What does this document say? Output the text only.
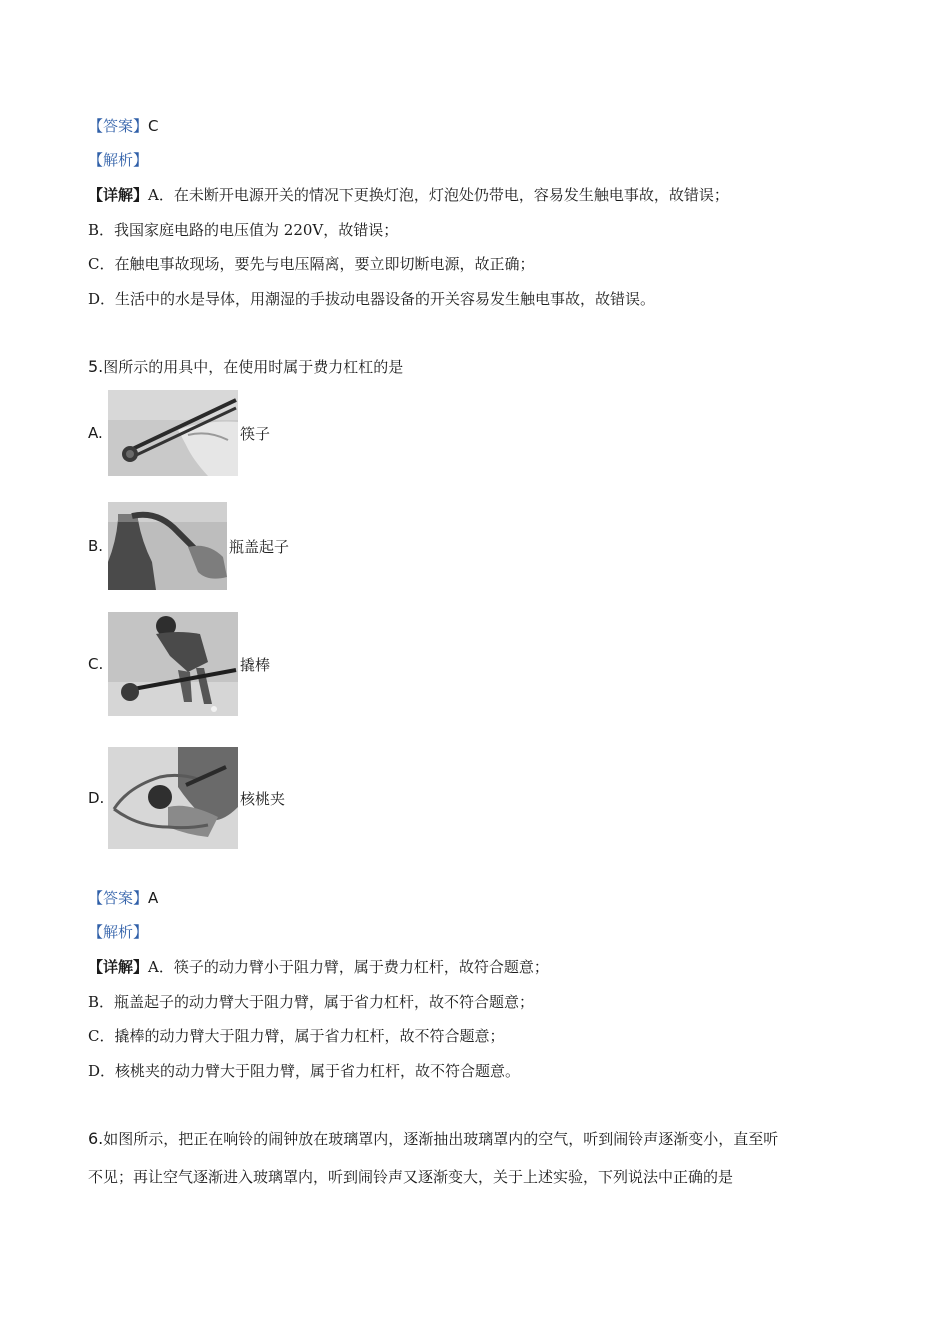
【答案】C
【解析】
【详解】A．在未断开电源开关的情况下更换灯泡，灯泡处仍带电，容易发生触电事故，故错误；
B．我国家庭电路的电压值为 220V，故错误；
C．在触电事故现场，要先与电压隔离，要立即切断电源，故正确；
D．生活中的水是导体，用潮湿的手拔动电器设备的开关容易发生触电事故，故错误。
5.图所示的用具中，在使用时属于费力杠杠的是
A.	筷子
B.	瓶盖起子
C.	撬棒
D.	核桃夹
【答案】A
【解析】
【详解】A．筷子的动力臂小于阻力臂，属于费力杠杆，故符合题意；
B．瓶盖起子的动力臂大于阻力臂，属于省力杠杆，故不符合题意；
C．撬棒的动力臂大于阻力臂，属于省力杠杆，故不符合题意；
D．核桃夹的动力臂大于阻力臂，属于省力杠杆，故不符合题意。
6.如图所示，把正在响铃的闹钟放在玻璃罩内，逐渐抽出玻璃罩内的空气，听到闹铃声逐渐变小，直至听
不见；再让空气逐渐进入玻璃罩内，听到闹铃声又逐渐变大，关于上述实验，下列说法中正确的是
